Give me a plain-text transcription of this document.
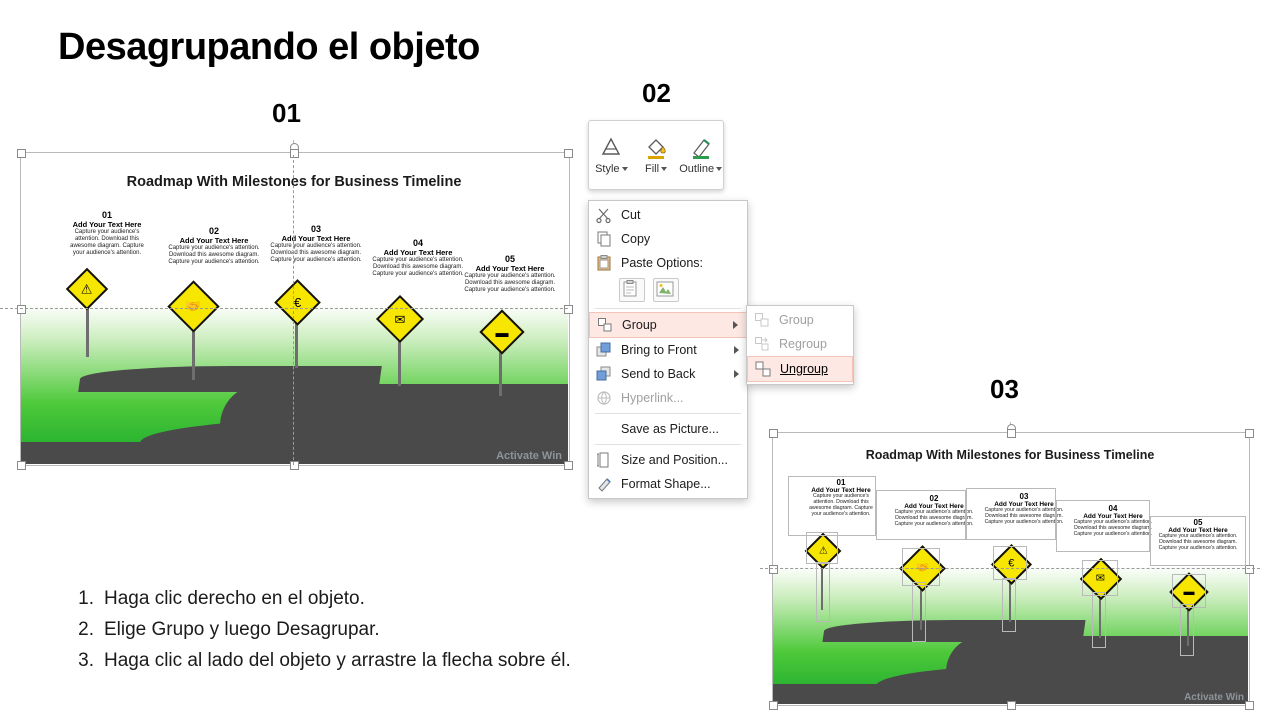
Desagrupando el objeto
01
Roadmap With Milestones for Business Timeline
01
Add Your Text Here
Capture your audience's attention. Download this awesome diagram. Capture your audience's attention.
02
Add Your Text Here
Capture your audience's attention. Download this awesome diagram. Capture your audience's attention.
03
Add Your Text Here
Capture your audience's attention. Download this awesome diagram. Capture your audience's attention.
04
Add Your Text Here
Capture your audience's attention. Download this awesome diagram. Capture your audience's attention.
05
Add Your Text Here
Capture your audience's attention. Download this awesome diagram. Capture your audience's attention.
⚠
🤝	€
✉
▬
Activate Win
02
Style Fill Outline
Cut
Copy
Paste Options:
Group
Bring to Front
Send to Back
Hyperlink...
Save as Picture...
Size and Position...
Format Shape...
Group
Regroup
Ungroup
03
Roadmap With Milestones for Business Timeline
01
Add Your Text Here
Capture your audience's attention. Download this awesome diagram. Capture your audience's attention.
02
Add Your Text Here
Capture your audience's attention. Download this awesome diagram. Capture your audience's attention.
03
Add Your Text Here
Capture your audience's attention. Download this awesome diagram. Capture your audience's attention.
04
Add Your Text Here
Capture your audience's attention. Download this awesome diagram. Capture your audience's attention.
05
Add Your Text Here
Capture your audience's attention. Download this awesome diagram. Capture your audience's attention.
⚠
🤝	€
✉
▬
Activate Win
1. Haga clic derecho en el objeto.
2. Elige Grupo y luego Desagrupar.
3. Haga clic al lado del objeto y arrastre la flecha sobre él.
